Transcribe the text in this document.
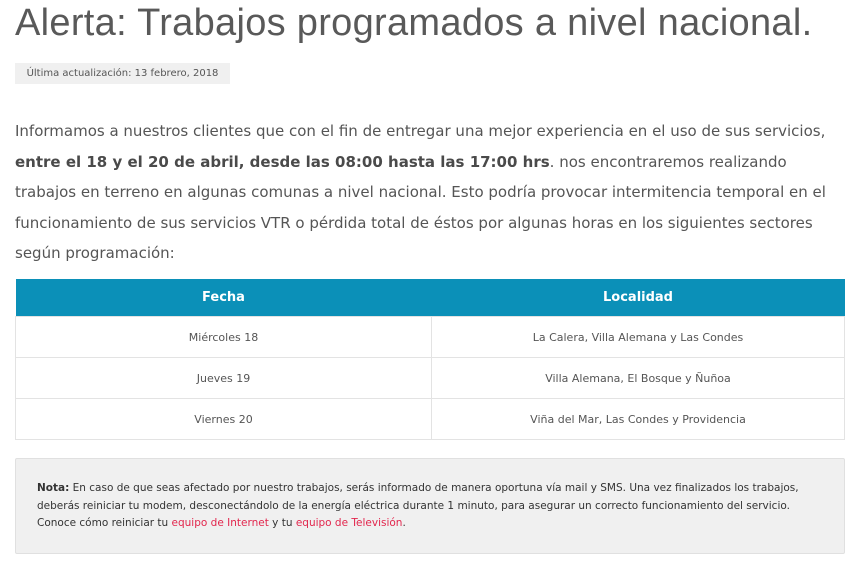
Alerta: Trabajos programados a nivel nacional.
Última actualización: 13 febrero, 2018

Informamos a nuestros clientes que con el fin de entregar una mejor experiencia en el uso de sus servicios, entre el 18 y el 20 de abril, desde las 08:00 hasta las 17:00 hrs. nos encontraremos realizando trabajos en terreno en algunas comunas a nivel nacional. Esto podría provocar intermitencia temporal en el funcionamiento de sus servicios VTR o pérdida total de éstos por algunas horas en los siguientes sectores según programación:

Fecha	Localidad
Miércoles 18	La Calera, Villa Alemana y Las Condes
Jueves 19	Villa Alemana, El Bosque y Ñuñoa
Viernes 20	Viña del Mar, Las Condes y Providencia
Nota: En caso de que seas afectado por nuestro trabajos, serás informado de manera oportuna vía mail y SMS. Una vez finalizados los trabajos, deberás reiniciar tu modem, desconectándolo de la energía eléctrica durante 1 minuto, para asegurar un correcto funcionamiento del servicio. Conoce cómo reiniciar tu equipo de Internet y tu equipo de Televisión.
